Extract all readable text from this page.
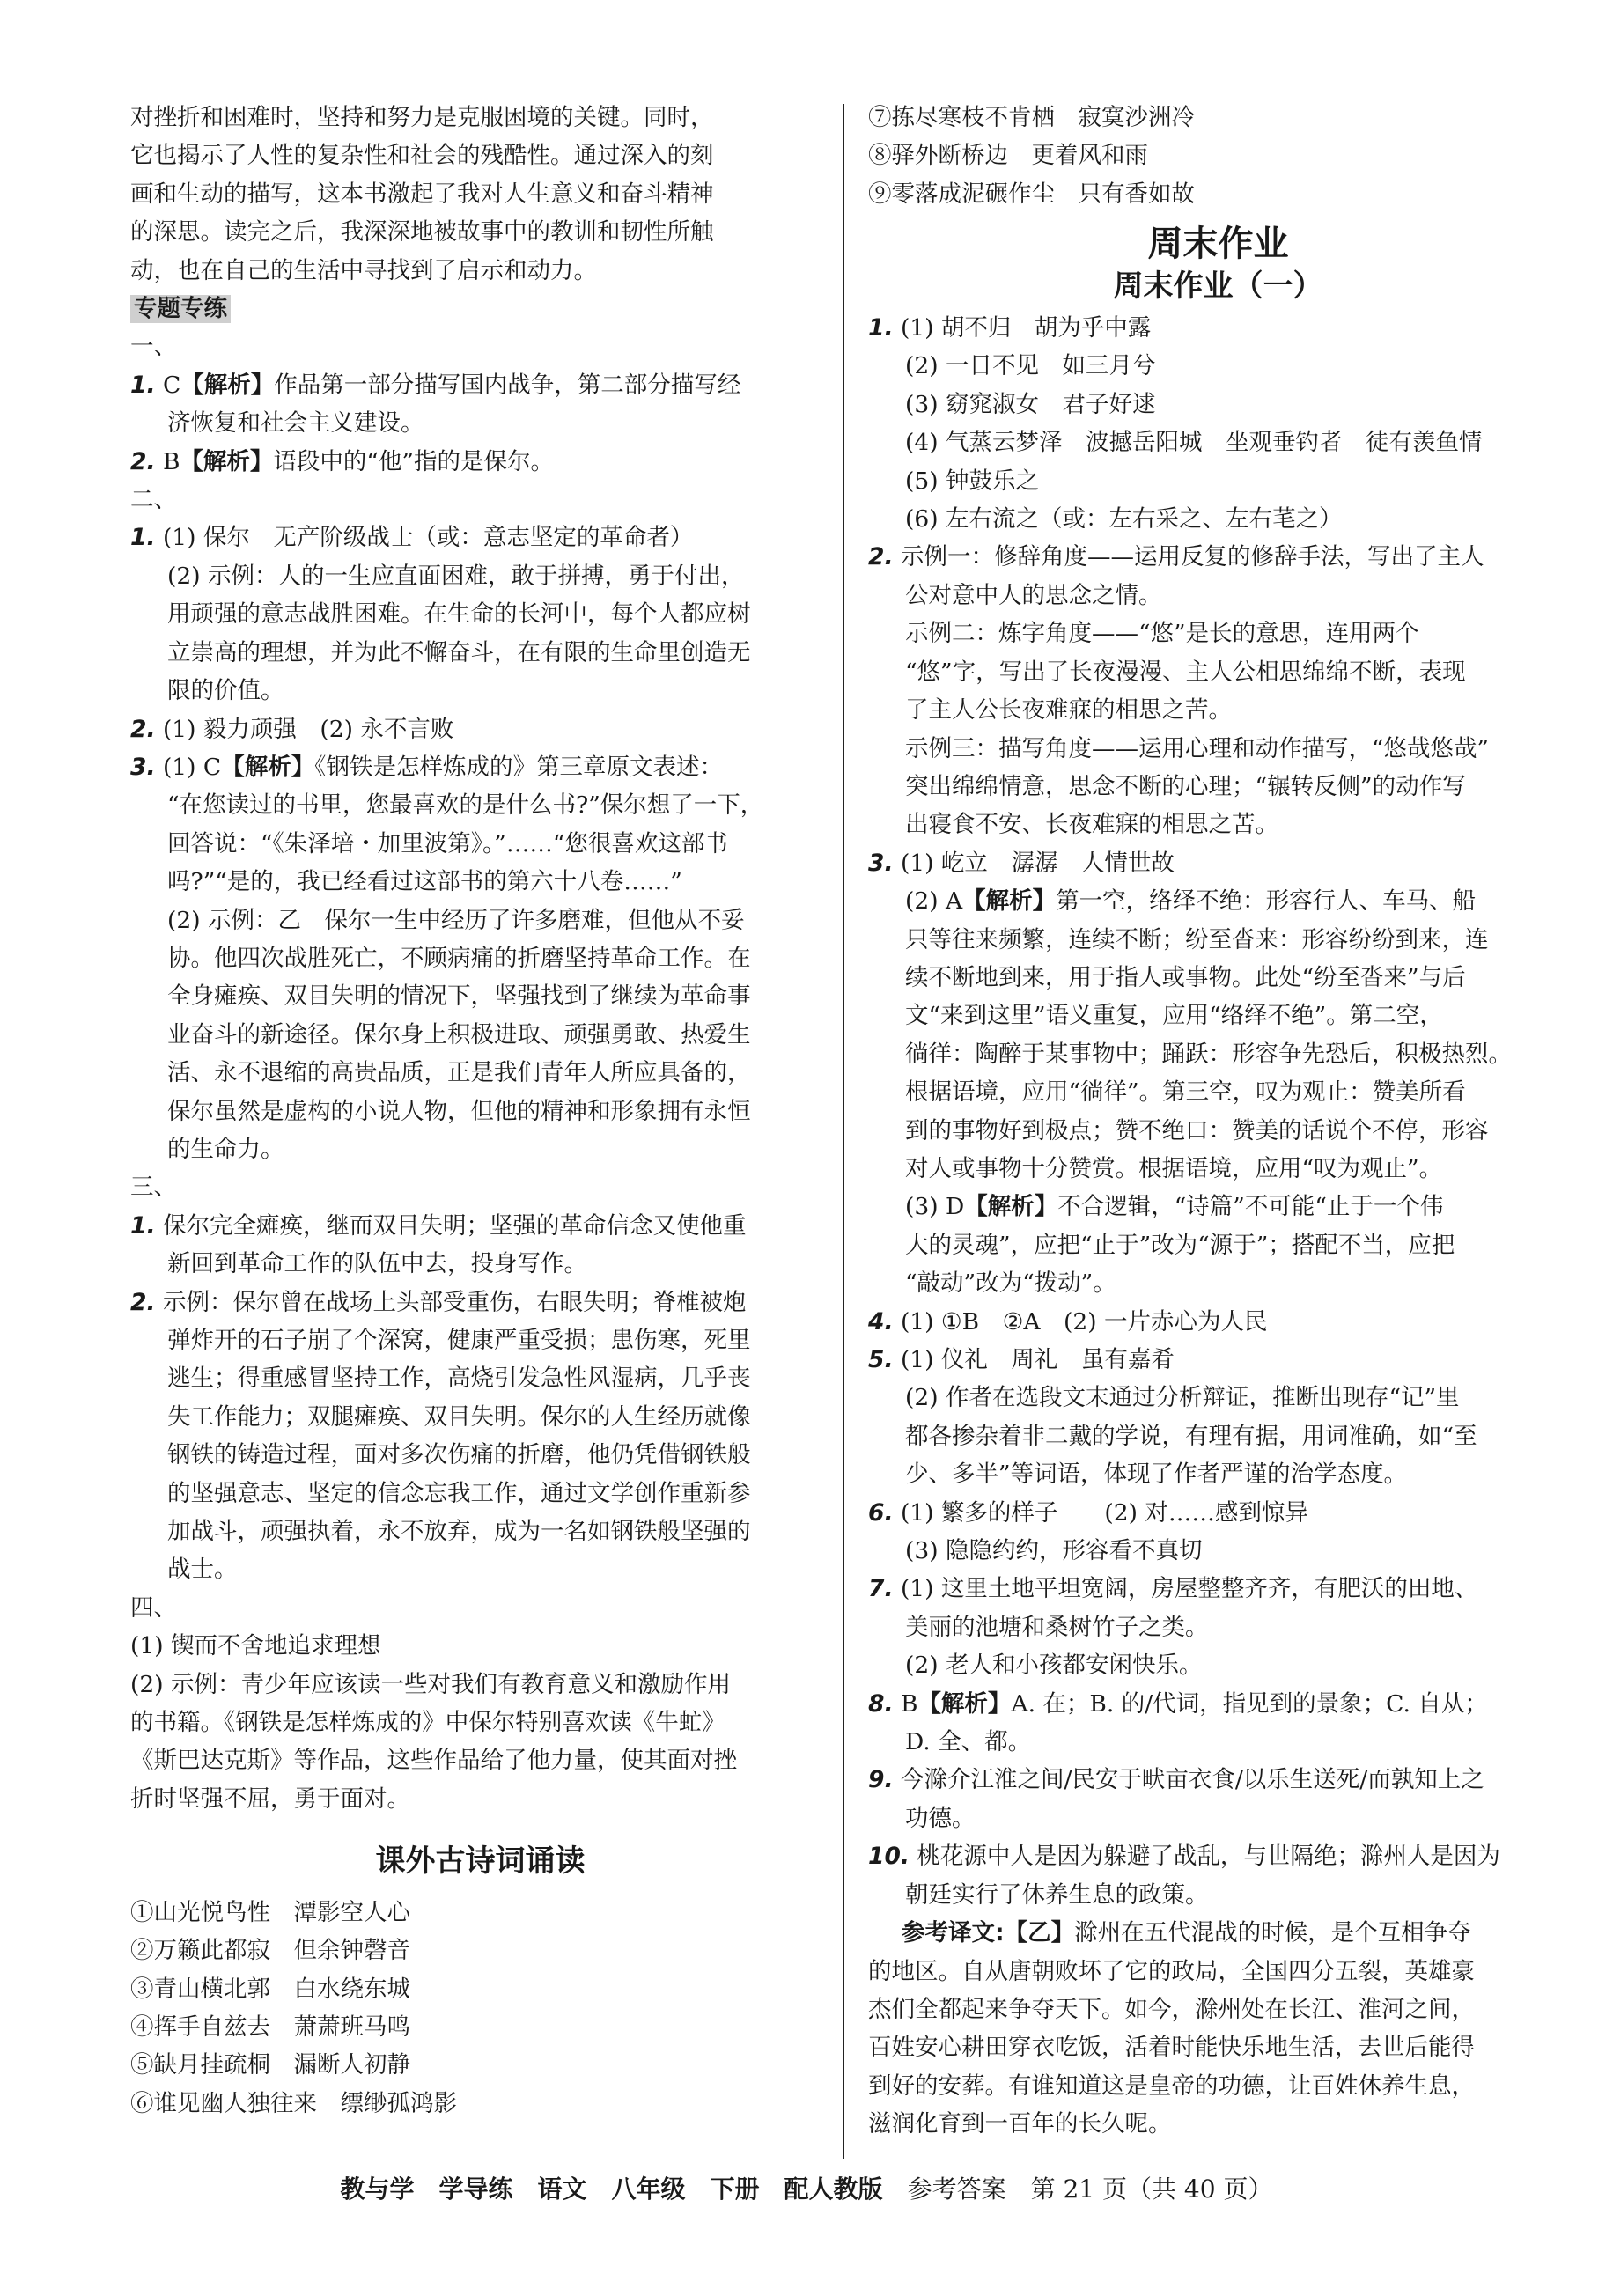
对挫折和困难时，坚持和努力是克服困境的关键。同时，
它也揭示了人性的复杂性和社会的残酷性。通过深入的刻
画和生动的描写，这本书激起了我对人生意义和奋斗精神
的深思。读完之后，我深深地被故事中的教训和韧性所触
动，也在自己的生活中寻找到了启示和动力。
专题专练
一、
1. C【解析】作品第一部分描写国内战争，第二部分描写经
济恢复和社会主义建设。
2. B【解析】语段中的“他”指的是保尔。
二、
1. (1) 保尔　无产阶级战士（或：意志坚定的革命者）
(2) 示例：人的一生应直面困难，敢于拼搏，勇于付出，
用顽强的意志战胜困难。在生命的长河中，每个人都应树
立崇高的理想，并为此不懈奋斗，在有限的生命里创造无
限的价值。
2. (1) 毅力顽强　(2) 永不言败
3. (1) C【解析】《钢铁是怎样炼成的》第三章原文表述：
“在您读过的书里，您最喜欢的是什么书?”保尔想了一下，
回答说：“《朱泽培・加里波第》。”……“您很喜欢这部书
吗?”“是的，我已经看过这部书的第六十八卷……”
(2) 示例：乙　保尔一生中经历了许多磨难，但他从不妥
协。他四次战胜死亡，不顾病痛的折磨坚持革命工作。在
全身瘫痪、双目失明的情况下，坚强找到了继续为革命事
业奋斗的新途径。保尔身上积极进取、顽强勇敢、热爱生
活、永不退缩的高贵品质，正是我们青年人所应具备的，
保尔虽然是虚构的小说人物，但他的精神和形象拥有永恒
的生命力。
三、
1. 保尔完全瘫痪，继而双目失明；坚强的革命信念又使他重
新回到革命工作的队伍中去，投身写作。
2. 示例：保尔曾在战场上头部受重伤，右眼失明；脊椎被炮
弹炸开的石子崩了个深窝，健康严重受损；患伤寒，死里
逃生；得重感冒坚持工作，高烧引发急性风湿病，几乎丧
失工作能力；双腿瘫痪、双目失明。保尔的人生经历就像
钢铁的铸造过程，面对多次伤痛的折磨，他仍凭借钢铁般
的坚强意志、坚定的信念忘我工作，通过文学创作重新参
加战斗，顽强执着，永不放弃，成为一名如钢铁般坚强的
战士。
四、
(1) 锲而不舍地追求理想
(2) 示例：青少年应该读一些对我们有教育意义和激励作用
的书籍。《钢铁是怎样炼成的》中保尔特别喜欢读《牛虻》
《斯巴达克斯》等作品，这些作品给了他力量，使其面对挫
折时坚强不屈，勇于面对。
课外古诗词诵读
①山光悦鸟性　潭影空人心
②万籁此都寂　但余钟磬音
③青山横北郭　白水绕东城
④挥手自兹去　萧萧班马鸣
⑤缺月挂疏桐　漏断人初静
⑥谁见幽人独往来　缥缈孤鸿影
⑦拣尽寒枝不肯栖　寂寞沙洲冷
⑧驿外断桥边　更着风和雨
⑨零落成泥碾作尘　只有香如故
周末作业
周末作业（一）
1. (1) 胡不归　胡为乎中露
(2) 一日不见　如三月兮
(3) 窈窕淑女　君子好逑
(4) 气蒸云梦泽　波撼岳阳城　坐观垂钓者　徒有羡鱼情
(5) 钟鼓乐之
(6) 左右流之（或：左右采之、左右芼之）
2. 示例一：修辞角度——运用反复的修辞手法，写出了主人
公对意中人的思念之情。
示例二：炼字角度——“悠”是长的意思，连用两个
“悠”字，写出了长夜漫漫、主人公相思绵绵不断，表现
了主人公长夜难寐的相思之苦。
示例三：描写角度——运用心理和动作描写，“悠哉悠哉”
突出绵绵情意，思念不断的心理；“辗转反侧”的动作写
出寝食不安、长夜难寐的相思之苦。
3. (1) 屹立　潺潺　人情世故
(2) A【解析】第一空，络绎不绝：形容行人、车马、船
只等往来频繁，连续不断；纷至沓来：形容纷纷到来，连
续不断地到来，用于指人或事物。此处“纷至沓来”与后
文“来到这里”语义重复，应用“络绎不绝”。第二空，
徜徉：陶醉于某事物中；踊跃：形容争先恐后，积极热烈。
根据语境，应用“徜徉”。第三空，叹为观止：赞美所看
到的事物好到极点；赞不绝口：赞美的话说个不停，形容
对人或事物十分赞赏。根据语境，应用“叹为观止”。
(3) D【解析】不合逻辑，“诗篇”不可能“止于一个伟
大的灵魂”，应把“止于”改为“源于”；搭配不当，应把
“敲动”改为“拨动”。
4. (1) ①B　②A　(2) 一片赤心为人民
5. (1) 仪礼　周礼　虽有嘉肴
(2) 作者在选段文末通过分析辩证，推断出现存“记”里
都各掺杂着非二戴的学说，有理有据，用词准确，如“至
少、多半”等词语，体现了作者严谨的治学态度。
6. (1) 繁多的样子　　(2) 对……感到惊异
(3) 隐隐约约，形容看不真切
7. (1) 这里土地平坦宽阔，房屋整整齐齐，有肥沃的田地、
美丽的池塘和桑树竹子之类。
(2) 老人和小孩都安闲快乐。
8. B【解析】A. 在；B. 的/代词，指见到的景象；C. 自从；
D. 全、都。
9. 今滁介江淮之间/民安于畎亩衣食/以乐生送死/而孰知上之
功德。
10. 桃花源中人是因为躲避了战乱，与世隔绝；滁州人是因为
朝廷实行了休养生息的政策。
参考译文:【乙】滁州在五代混战的时候，是个互相争夺
的地区。自从唐朝败坏了它的政局，全国四分五裂，英雄豪
杰们全都起来争夺天下。如今，滁州处在长江、淮河之间，
百姓安心耕田穿衣吃饭，活着时能快乐地生活，去世后能得
到好的安葬。有谁知道这是皇帝的功德，让百姓休养生息，
滋润化育到一百年的长久呢。
教与学　学导练　语文　八年级　下册　配人教版　 参考答案　第 21 页（共 40 页）
